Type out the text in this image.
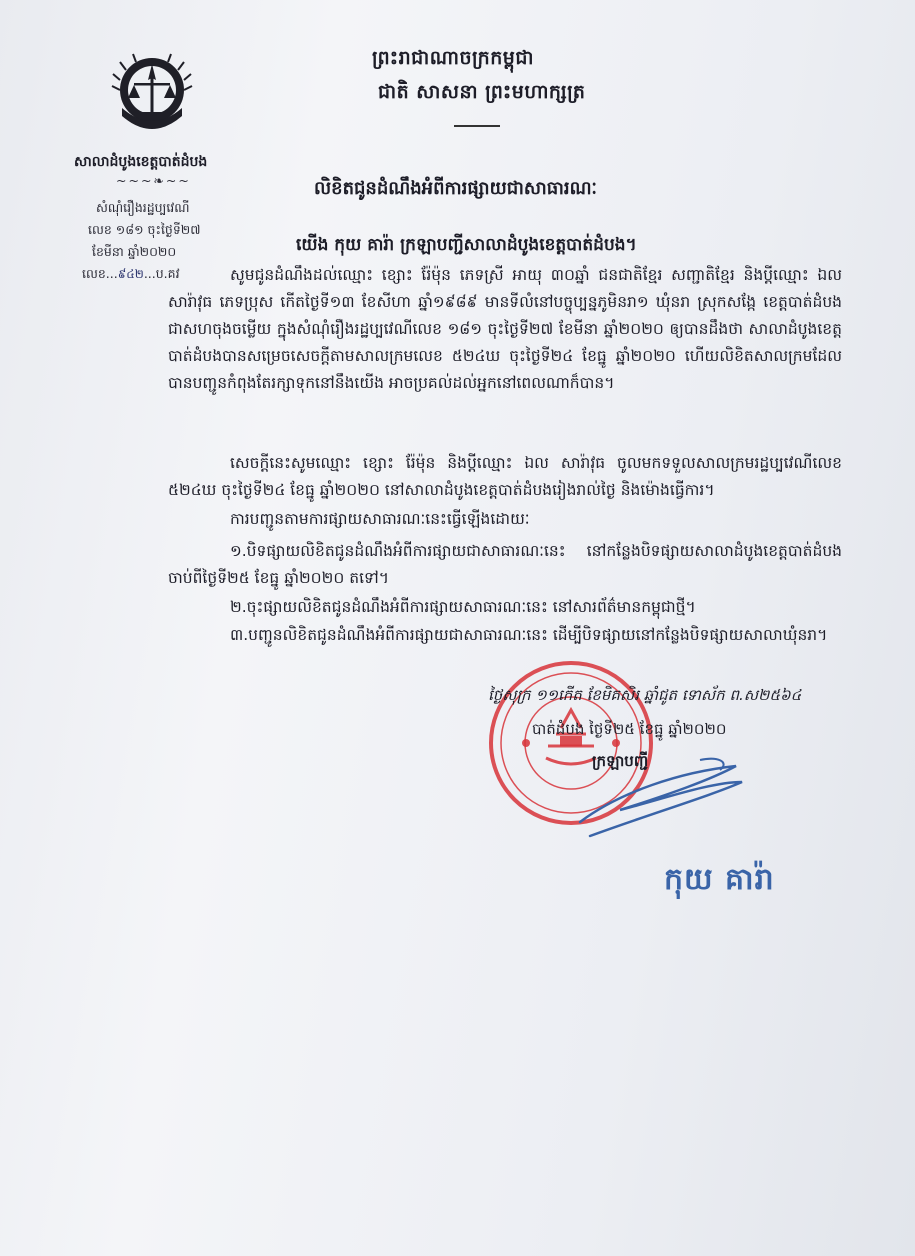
សាលាដំបូងខេត្តបាត់ដំបង
~~~❧~~
សំណុំរឿងរដ្ឋប្បវេណី
លេខ ១៨១ ចុះថ្ងៃទី២៧
ខែមីនា ឆ្នាំ២០២០
លេខ...៩៤២...ប.គវ
ព្រះរាជាណាចក្រកម្ពុជា
ជាតិ សាសនា ព្រះមហាក្សត្រ
លិខិតជូនដំណឹងអំពីការផ្សាយជាសាធារណៈ
យើង កុយ គារ៉ា ក្រឡាបញ្ជីសាលាដំបូងខេត្តបាត់ដំបង។
សូមជូនដំណឹងដល់ឈ្មោះ ខ្សោះ រ៉ែម៉ុន ភេទស្រី អាយុ ៣០ឆ្នាំ ជនជាតិខ្មែរ សញ្ជាតិខ្មែរ និងប្តីឈ្មោះ ឯល សារ៉ាវុធ ភេទប្រុស កើតថ្ងៃទី១៣ ខែសីហា ឆ្នាំ១៩៨៩ មានទីលំនៅបច្ចុប្បន្នភូមិនរា១ ឃុំនរា ស្រុកសង្កែ ខេត្តបាត់ដំបង ជាសហចុងចម្លើយ ក្នុងសំណុំរឿងរដ្ឋប្បវេណីលេខ ១៨១ ចុះថ្ងៃទី២៧ ខែមីនា ឆ្នាំ២០២០ ឲ្យបានដឹងថា សាលាដំបូងខេត្តបាត់ដំបងបានសម្រេចសេចក្តីតាមសាលក្រមលេខ ៥២៤ឃ ចុះថ្ងៃទី២៤ ខែធ្នូ ឆ្នាំ២០២០ ហើយលិខិតសាលក្រមដែលបានបញ្ជូនកំពុងតែរក្សាទុកនៅនឹងយើង អាចប្រគល់ដល់អ្នកនៅពេលណាក៏បាន។
សេចក្តីនេះសូមឈ្មោះ ខ្សោះ រ៉ែម៉ុន និងប្តីឈ្មោះ ឯល សារ៉ាវុធ ចូលមកទទួលសាលក្រមរដ្ឋប្បវេណីលេខ ៥២៤ឃ ចុះថ្ងៃទី២៤ ខែធ្នូ ឆ្នាំ២០២០ នៅសាលាដំបូងខេត្តបាត់ដំបងរៀងរាល់ថ្ងៃ និងម៉ោងធ្វើការ។
ការបញ្ជូនតាមការផ្សាយសាធារណៈនេះធ្វើឡើងដោយៈ
១.បិទផ្សាយលិខិតជូនដំណឹងអំពីការផ្សាយជាសាធារណៈនេះ នៅកន្លែងបិទផ្សាយសាលាដំបូងខេត្តបាត់ដំបង ចាប់ពីថ្ងៃទី២៥ ខែធ្នូ ឆ្នាំ២០២០ តទៅ។
២.ចុះផ្សាយលិខិតជូនដំណឹងអំពីការផ្សាយសាធារណៈនេះ នៅសារព័ត៌មានកម្ពុជាថ្មី។
៣.បញ្ជូនលិខិតជូនដំណឹងអំពីការផ្សាយជាសាធារណៈនេះ ដើម្បីបិទផ្សាយនៅកន្លែងបិទផ្សាយសាលាឃុំនរា។
ថ្ងៃសុក្រ ១១កើត ខែមិគសិរ ឆ្នាំជូត ទោស័ក ព.ស២៥៦៤
បាត់ដំបង ថ្ងៃទី២៥ ខែធ្នូ ឆ្នាំ២០២០
ក្រឡាបញ្ជី
កុយ គារ៉ា
